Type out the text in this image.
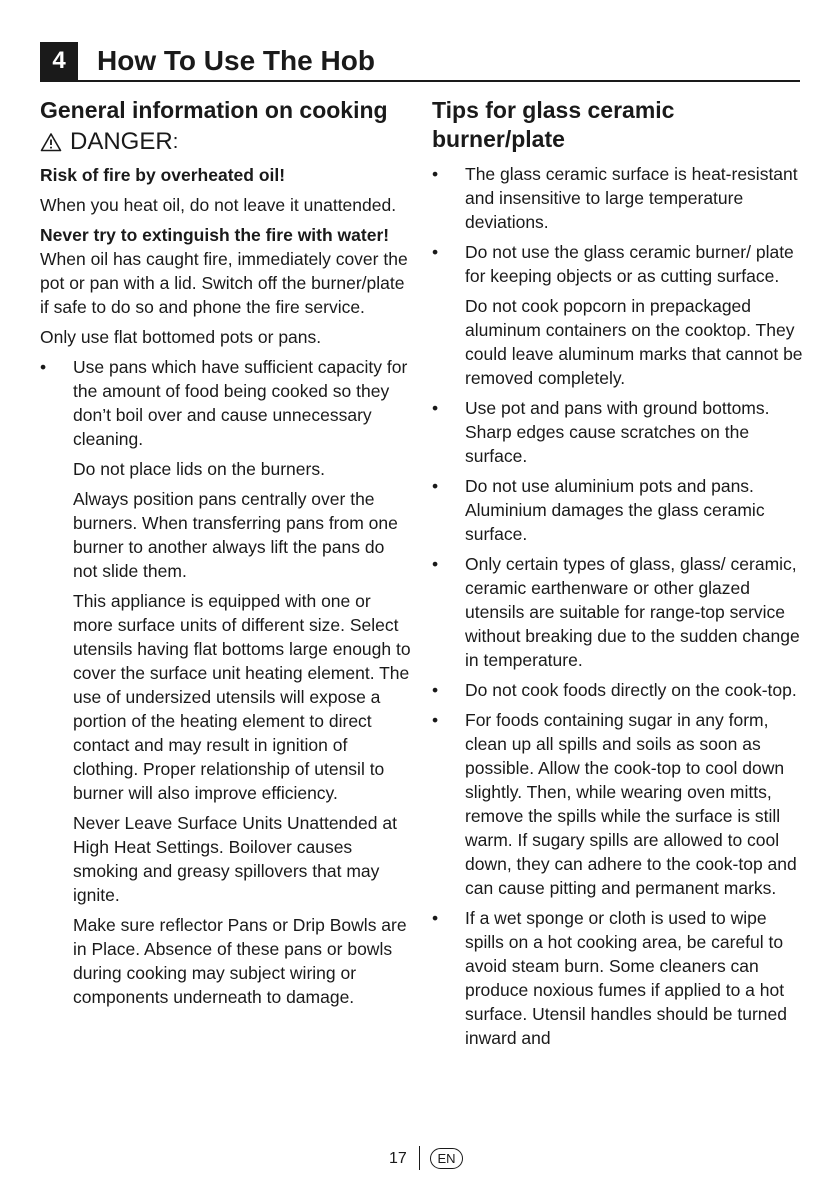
4	How To Use The Hob
General information on cooking
DANGER :

Risk of fire by overheated oil!

When you heat oil, do not leave it unattended.

Never try to extinguish the fire with water! When oil has caught fire, immediately cover the pot or pan with a lid. Switch off the burner/plate if safe to do so and phone the fire service.

Only use flat bottomed pots or pans.

• Use pans which have sufficient capacity for the amount of food being cooked so they don’t boil over and cause unnecessary cleaning.
Do not place lids on the burners.
Always position pans centrally over the burners. When transferring pans from one burner to another always lift the pans do not slide them.
This appliance is equipped with one or more surface units of different size. Select utensils having flat bottoms large enough to cover the surface unit heating element. The use of undersized utensils will expose a portion of the heating element to direct contact and may result in ignition of clothing. Proper relationship of utensil to burner will also improve efficiency.
Never Leave Surface Units Unattended at High Heat Settings. Boilover causes smoking and greasy spillovers that may ignite.
Make sure reflector Pans or Drip Bowls are in Place. Absence of these pans or bowls during cooking may subject wiring or components underneath to damage.
Tips for glass ceramic burner/plate
• The glass ceramic surface is heat-resistant and insensitive to large temperature deviations.
• Do not use the glass ceramic burner/ plate for keeping objects or as cutting surface.
Do not cook popcorn in prepackaged aluminum containers on the cooktop. They could leave aluminum marks that cannot be removed completely.
• Use pot and pans with ground bottoms. Sharp edges cause scratches on the surface.
• Do not use aluminium pots and pans. Aluminium damages the glass ceramic surface.
• Only certain types of glass, glass/ ceramic, ceramic earthenware or other glazed utensils are suitable for range-top service without breaking due to the sudden change in temperature.
• Do not cook foods directly on the cook-top.
• For foods containing sugar in any form, clean up all spills and soils as soon as possible. Allow the cook-top to cool down slightly. Then, while wearing oven mitts, remove the spills while the surface is still warm. If sugary spills are allowed to cool down, they can adhere to the cook-top and can cause pitting and permanent marks.
• If a wet sponge or cloth is used to wipe spills on a hot cooking area, be careful to avoid steam burn. Some cleaners can produce noxious fumes if applied to a hot surface. Utensil handles should be turned inward and
17	EN
